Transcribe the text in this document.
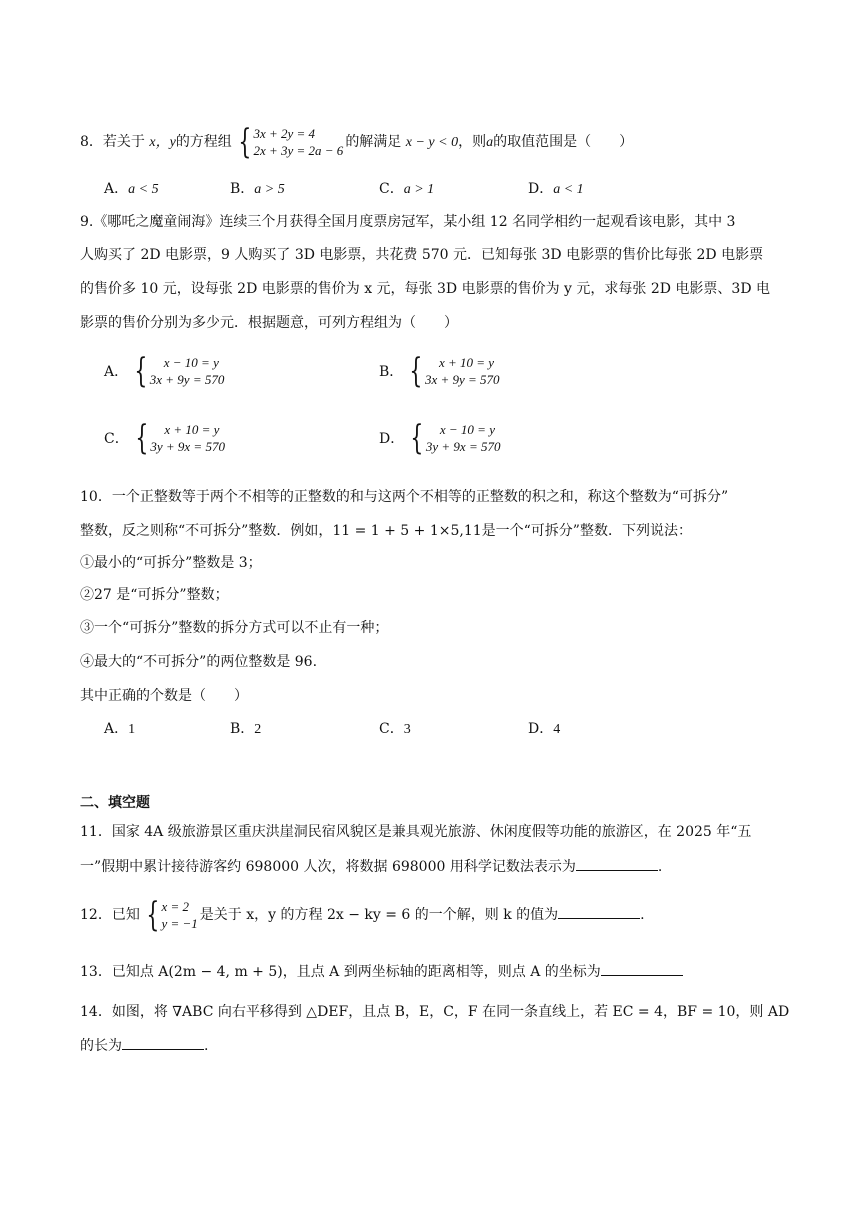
8．若关于 x，y的方程组 { 3x + 2y = 4
2x + 3y = 2a − 6
的解满足 x − y < 0，则a的取值范围是（　　）
A．a < 5	B．a > 5	C．a > 1	D．a < 1
9.《哪吒之魔童闹海》连续三个月获得全国月度票房冠军，某小组 12 名同学相约一起观看该电影，其中 3
人购买了 2D 电影票，9 人购买了 3D 电影票，共花费 570 元．已知每张 3D 电影票的售价比每张 2D 电影票
的售价多 10 元，设每张 2D 电影票的售价为 x 元，每张 3D 电影票的售价为 y 元，求每张 2D 电影票、3D 电
影票的售价分别为多少元．根据题意，可列方程组为（　　）
A． {	x − 10 = y
3x + 9y = 570	B． {	x + 10 = y
3x + 9y = 570
C． {	x + 10 = y
3y + 9x = 570	D． {	x − 10 = y
3y + 9x = 570
10．一个正整数等于两个不相等的正整数的和与这两个不相等的正整数的积之和，称这个整数为“可拆分”
整数，反之则称“不可拆分”整数．例如，11 = 1 + 5 + 1×5,11是一个“可拆分”整数．下列说法：
①最小的“可拆分”整数是 3；
②27 是“可拆分”整数；
③一个“可拆分”整数的拆分方式可以不止有一种；
④最大的“不可拆分”的两位整数是 96.
其中正确的个数是（　　）
A．1	B．2	C．3	D．4
二、填空题
11．国家 4A 级旅游景区重庆洪崖洞民宿风貌区是兼具观光旅游、休闲度假等功能的旅游区，在 2025 年“五
一”假期中累计接待游客约 698000 人次，将数据 698000 用科学记数法表示为	.
12．已知 { x = 2
y = −1
是关于 x，y 的方程 2x − ky = 6 的一个解，则 k 的值为	.
13．已知点 A(2m − 4, m + 5)，且点 A 到两坐标轴的距离相等，则点 A 的坐标为
14．如图，将 ∇ABC 向右平移得到 △DEF，且点 B，E，C，F 在同一条直线上，若 EC = 4，BF = 10，则 AD
的长为	.
